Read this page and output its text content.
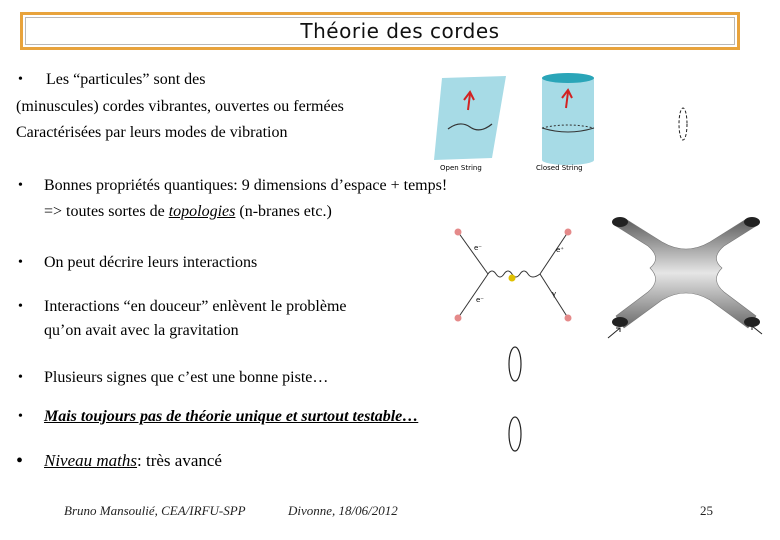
Théorie des cordes
• Les “particules” sont des
(minuscules) cordes vibrantes, ouvertes ou fermées
Caractérisées par leurs modes de vibration
• Bonnes propriétés quantiques: 9 dimensions d’espace + temps!
=> toutes sortes de topologies (n-branes etc.)
• On peut décrire leurs interactions
• Interactions “en douceur” enlèvent le problème
qu’on avait avec la gravitation
• Plusieurs signes que c’est une bonne piste…
• Mais toujours pas de théorie unique et surtout testable…
• Niveau maths: très avancé
Open String	Closed String
e⁻	e⁺
e⁻
γ
Bruno Mansoulié, CEA/IRFU-SPP	Divonne, 18/06/2012	25
